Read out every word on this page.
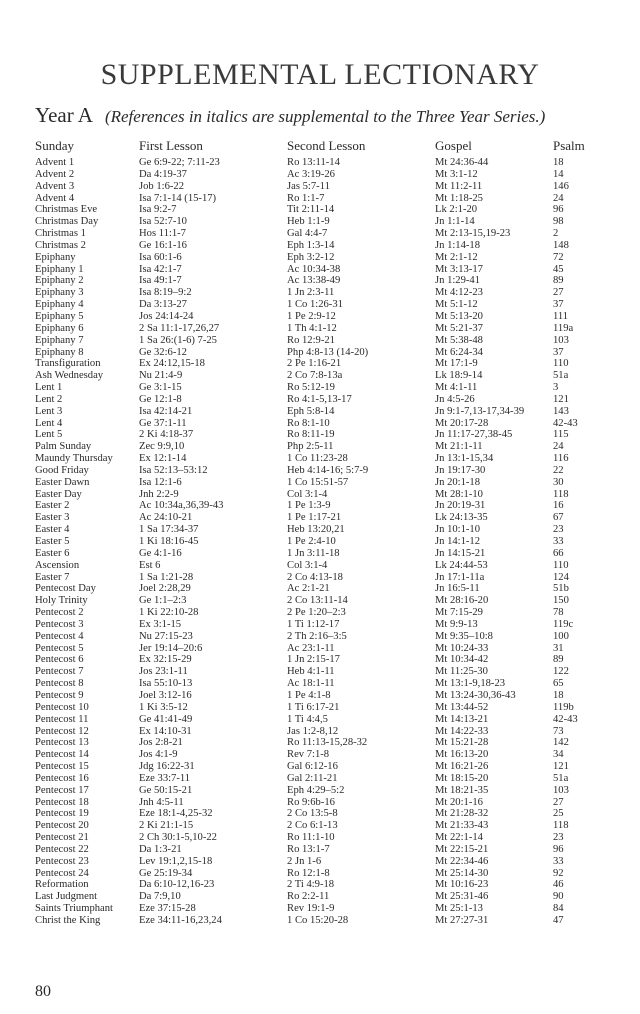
SUPPLEMENTAL LECTIONARY
Year A (References in italics are supplemental to the Three Year Series.)
Sunday	First Lesson	Second Lesson	Gospel	Psalm
Advent 1	Ge 6:9-22; 7:11-23	Ro 13:11-14	Mt 24:36-44	18
Advent 2	Da 4:19-37	Ac 3:19-26	Mt 3:1-12	14
Advent 3	Job 1:6-22	Jas 5:7-11	Mt 11:2-11	146
Advent 4	Isa 7:1-14 (15-17)	Ro 1:1-7	Mt 1:18-25	24
Christmas Eve	Isa 9:2-7	Tit 2:11-14	Lk 2:1-20	96
Christmas Day	Isa 52:7-10	Heb 1:1-9	Jn 1:1-14	98
Christmas 1	Hos 11:1-7	Gal 4:4-7	Mt 2:13-15,19-23	2
Christmas 2	Ge 16:1-16	Eph 1:3-14	Jn 1:14-18	148
Epiphany	Isa 60:1-6	Eph 3:2-12	Mt 2:1-12	72
Epiphany 1	Isa 42:1-7	Ac 10:34-38	Mt 3:13-17	45
Epiphany 2	Isa 49:1-7	Ac 13:38-49	Jn 1:29-41	89
Epiphany 3	Isa 8:19–9:2	1 Jn 2:3-11	Mt 4:12-23	27
Epiphany 4	Da 3:13-27	1 Co 1:26-31	Mt 5:1-12	37
Epiphany 5	Jos 24:14-24	1 Pe 2:9-12	Mt 5:13-20	111
Epiphany 6	2 Sa 11:1-17,26,27	1 Th 4:1-12	Mt 5:21-37	119a
Epiphany 7	1 Sa 26:(1-6) 7-25	Ro 12:9-21	Mt 5:38-48	103
Epiphany 8	Ge 32:6-12	Php 4:8-13 (14-20)	Mt 6:24-34	37
Transfiguration	Ex 24:12,15-18	2 Pe 1:16-21	Mt 17:1-9	110
Ash Wednesday	Nu 21:4-9	2 Co 7:8-13a	Lk 18:9-14	51a
Lent 1	Ge 3:1-15	Ro 5:12-19	Mt 4:1-11	3
Lent 2	Ge 12:1-8	Ro 4:1-5,13-17	Jn 4:5-26	121
Lent 3	Isa 42:14-21	Eph 5:8-14	Jn 9:1-7,13-17,34-39	143
Lent 4	Ge 37:1-11	Ro 8:1-10	Mt 20:17-28	42-43
Lent 5	2 Ki 4:18-37	Ro 8:11-19	Jn 11:17-27,38-45	115
Palm Sunday	Zec 9:9,10	Php 2:5-11	Mt 21:1-11	24
Maundy Thursday	Ex 12:1-14	1 Co 11:23-28	Jn 13:1-15,34	116
Good Friday	Isa 52:13–53:12	Heb 4:14-16; 5:7-9	Jn 19:17-30	22
Easter Dawn	Isa 12:1-6	1 Co 15:51-57	Jn 20:1-18	30
Easter Day	Jnh 2:2-9	Col 3:1-4	Mt 28:1-10	118
Easter 2	Ac 10:34a,36,39-43	1 Pe 1:3-9	Jn 20:19-31	16
Easter 3	Ac 24:10-21	1 Pe 1:17-21	Lk 24:13-35	67
Easter 4	1 Sa 17:34-37	Heb 13:20,21	Jn 10:1-10	23
Easter 5	1 Ki 18:16-45	1 Pe 2:4-10	Jn 14:1-12	33
Easter 6	Ge 4:1-16	1 Jn 3:11-18	Jn 14:15-21	66
Ascension	Est 6	Col 3:1-4	Lk 24:44-53	110
Easter 7	1 Sa 1:21-28	2 Co 4:13-18	Jn 17:1-11a	124
Pentecost Day	Joel 2:28,29	Ac 2:1-21	Jn 16:5-11	51b
Holy Trinity	Ge 1:1–2:3	2 Co 13:11-14	Mt 28:16-20	150
Pentecost 2	1 Ki 22:10-28	2 Pe 1:20–2:3	Mt 7:15-29	78
Pentecost 3	Ex 3:1-15	1 Ti 1:12-17	Mt 9:9-13	119c
Pentecost 4	Nu 27:15-23	2 Th 2:16–3:5	Mt 9:35–10:8	100
Pentecost 5	Jer 19:14–20:6	Ac 23:1-11	Mt 10:24-33	31
Pentecost 6	Ex 32:15-29	1 Jn 2:15-17	Mt 10:34-42	89
Pentecost 7	Jos 23:1-11	Heb 4:1-11	Mt 11:25-30	122
Pentecost 8	Isa 55:10-13	Ac 18:1-11	Mt 13:1-9,18-23	65
Pentecost 9	Joel 3:12-16	1 Pe 4:1-8	Mt 13:24-30,36-43	18
Pentecost 10	1 Ki 3:5-12	1 Ti 6:17-21	Mt 13:44-52	119b
Pentecost 11	Ge 41:41-49	1 Ti 4:4,5	Mt 14:13-21	42-43
Pentecost 12	Ex 14:10-31	Jas 1:2-8,12	Mt 14:22-33	73
Pentecost 13	Jos 2:8-21	Ro 11:13-15,28-32	Mt 15:21-28	142
Pentecost 14	Jos 4:1-9	Rev 7:1-8	Mt 16:13-20	34
Pentecost 15	Jdg 16:22-31	Gal 6:12-16	Mt 16:21-26	121
Pentecost 16	Eze 33:7-11	Gal 2:11-21	Mt 18:15-20	51a
Pentecost 17	Ge 50:15-21	Eph 4:29–5:2	Mt 18:21-35	103
Pentecost 18	Jnh 4:5-11	Ro 9:6b-16	Mt 20:1-16	27
Pentecost 19	Eze 18:1-4,25-32	2 Co 13:5-8	Mt 21:28-32	25
Pentecost 20	2 Ki 21:1-15	2 Co 6:1-13	Mt 21:33-43	118
Pentecost 21	2 Ch 30:1-5,10-22	Ro 11:1-10	Mt 22:1-14	23
Pentecost 22	Da 1:3-21	Ro 13:1-7	Mt 22:15-21	96
Pentecost 23	Lev 19:1,2,15-18	2 Jn 1-6	Mt 22:34-46	33
Pentecost 24	Ge 25:19-34	Ro 12:1-8	Mt 25:14-30	92
Reformation	Da 6:10-12,16-23	2 Ti 4:9-18	Mt 10:16-23	46
Last Judgment	Da 7:9,10	Ro 2:2-11	Mt 25:31-46	90
Saints Triumphant	Eze 37:15-28	Rev 19:1-9	Mt 25:1-13	84
Christ the King	Eze 34:11-16,23,24	1 Co 15:20-28	Mt 27:27-31	47
80
